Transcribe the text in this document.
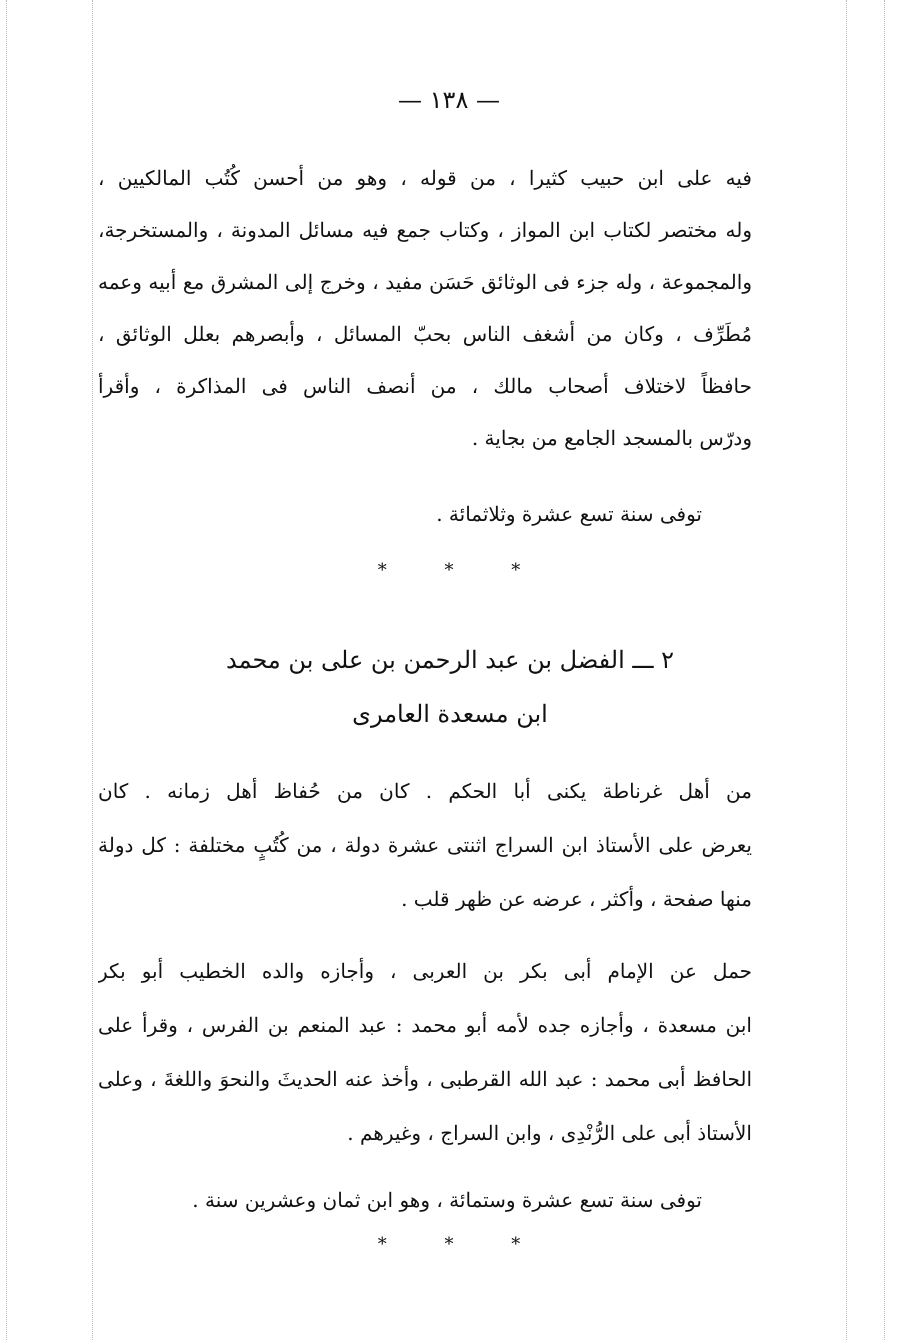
— ١٣٨ —
فيه على ابن حبيب كثيرا ، من قوله ، وهو من أحسن كُتُب المالكيين ،
وله مختصر لكتاب ابن المواز ، وكتاب جمع فيه مسائل المدونة ، والمستخرجة،
والمجموعة ، وله جزء فى الوثائق حَسَن مفيد ، وخرج إلى المشرق مع أبيه وعمه
مُطَرِّف ، وكان من أشغف الناس بحبّ المسائل ، وأبصرهم بعلل الوثائق ،
حافظاً لاختلاف أصحاب مالك ، من أنصف الناس فى المذاكرة ، وأقرأ
ودرّس بالمسجد الجامع من بجاية .
توفى سنة تسع عشرة وثلاثمائة .
* * *
٢ ـــ الفضل بن عبد الرحمن بن على بن محمد
ابن مسعدة العامرى
من أهل غرناطة يكنى أبا الحكم . كان من حُفاظ أهل زمانه . كان
يعرض على الأستاذ ابن السراج اثنتى عشرة دولة ، من كُتُبٍ مختلفة : كل دولة
منها صفحة ، وأكثر ، عرضه عن ظهر قلب .
حمل عن الإمام أبى بكر بن العربى ، وأجازه والده الخطيب أبو بكر
ابن مسعدة ، وأجازه جده لأمه أبو محمد : عبد المنعم بن الفرس ، وقرأ على
الحافظ أبى محمد : عبد الله القرطبى ، وأخذ عنه الحديثَ والنحوَ واللغةَ ، وعلى
الأستاذ أبى على الرُّنْدِى ، وابن السراج ، وغيرهم .
توفى سنة تسع عشرة وستمائة ، وهو ابن ثمان وعشرين سنة .
* * *
